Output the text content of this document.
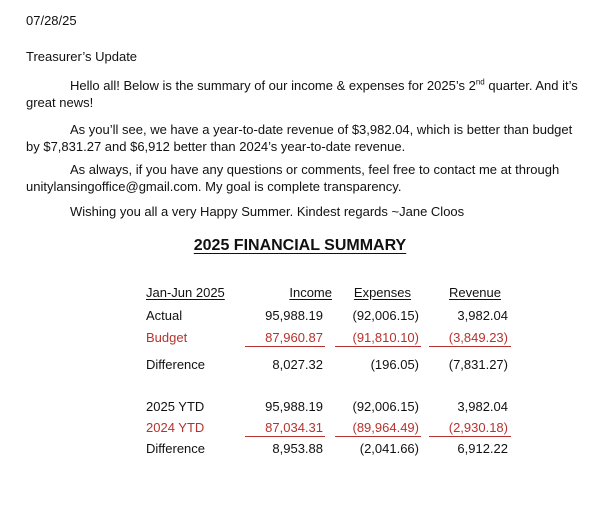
07/28/25
Treasurer’s Update

Hello all! Below is the summary of our income & expenses for 2025’s 2nd quarter. And it’s great news!

As you’ll see, we have a year-to-date revenue of $3,982.04, which is better than budget by $7,831.27 and $6,912 better than 2024’s year-to-date revenue.

As always, if you have any questions or comments, feel free to contact me at through unitylansingoffice@gmail.com. My goal is complete transparency.

Wishing you all a very Happy Summer. Kindest regards ~Jane Cloos

2025 FINANCIAL SUMMARY
Jan-Jun 2025	Income Expenses	Revenue
Actual	95,988.19 (92,006.15)	3,982.04
Budget	87,960.87 (91,810.10) (3,849.23)
Difference	8,027.32	(196.05) (7,831.27)
2025 YTD	95,988.19 (92,006.15)	3,982.04
2024 YTD	87,034.31 (89,964.49) (2,930.18)
Difference	8,953.88	(2,041.66)	6,912.22
